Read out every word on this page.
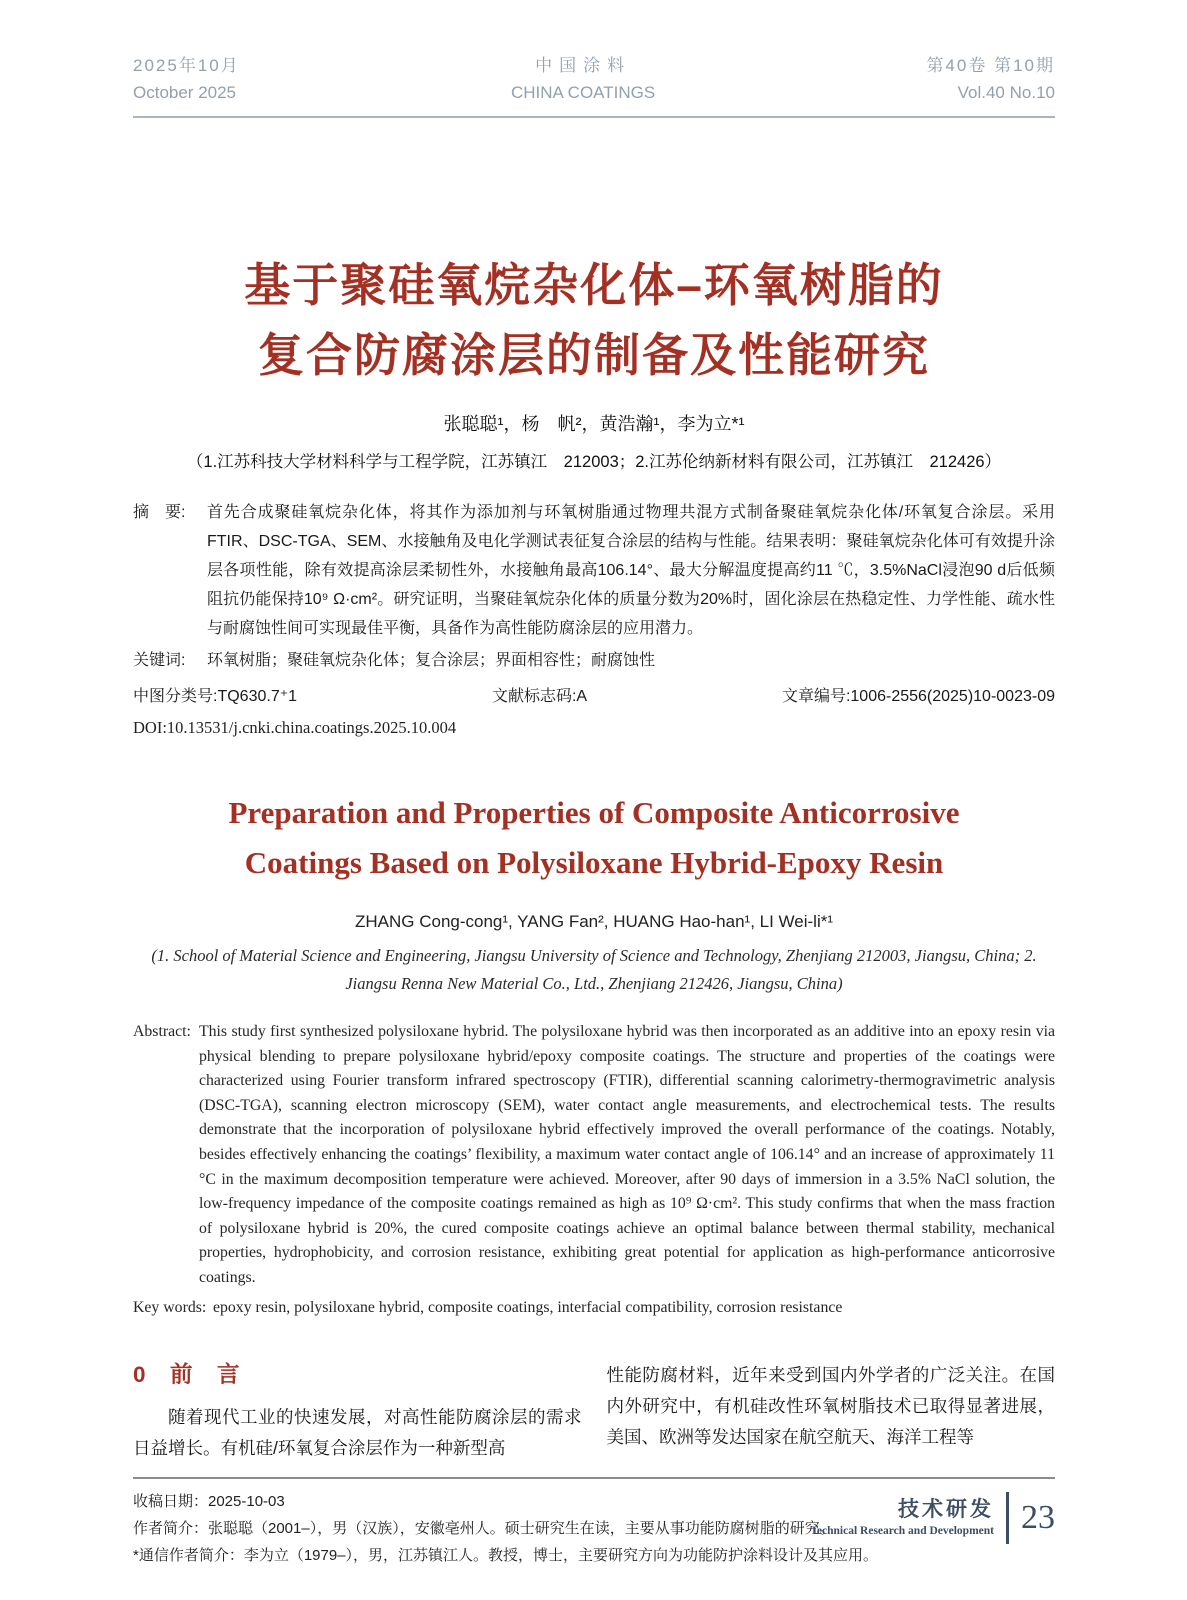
2025年10月
October 2025
中国涂料
CHINA COATINGS
第40卷 第10期
Vol.40 No.10
基于聚硅氧烷杂化体–环氧树脂的
复合防腐涂层的制备及性能研究
张聪聪¹，杨　帆²，黄浩瀚¹，李为立*¹
（1.江苏科技大学材料科学与工程学院，江苏镇江　212003；2.江苏伦纳新材料有限公司，江苏镇江　212426）
摘　要: 首先合成聚硅氧烷杂化体，将其作为添加剂与环氧树脂通过物理共混方式制备聚硅氧烷杂化体/环氧复合涂层。采用FTIR、DSC-TGA、SEM、水接触角及电化学测试表征复合涂层的结构与性能。结果表明：聚硅氧烷杂化体可有效提升涂层各项性能，除有效提高涂层柔韧性外，水接触角最高106.14°、最大分解温度提高约11 ℃，3.5%NaCl浸泡90 d后低频阻抗仍能保持10⁹ Ω·cm²。研究证明，当聚硅氧烷杂化体的质量分数为20%时，固化涂层在热稳定性、力学性能、疏水性与耐腐蚀性间可实现最佳平衡，具备作为高性能防腐涂层的应用潜力。
关键词: 环氧树脂；聚硅氧烷杂化体；复合涂层；界面相容性；耐腐蚀性
中图分类号:TQ630.7⁺1	文献标志码:A	文章编号:1006-2556(2025)10-0023-09
DOI:10.13531/j.cnki.china.coatings.2025.10.004
Preparation and Properties of Composite Anticorrosive
Coatings Based on Polysiloxane Hybrid-Epoxy Resin
ZHANG Cong-cong¹, YANG Fan², HUANG Hao-han¹, LI Wei-li*¹
(1. School of Material Science and Engineering, Jiangsu University of Science and Technology, Zhenjiang 212003, Jiangsu, China; 2. Jiangsu Renna New Material Co., Ltd., Zhenjiang 212426, Jiangsu, China)
Abstract: This study first synthesized polysiloxane hybrid. The polysiloxane hybrid was then incorporated as an additive into an epoxy resin via physical blending to prepare polysiloxane hybrid/epoxy composite coatings. The structure and properties of the coatings were characterized using Fourier transform infrared spectroscopy (FTIR), differential scanning calorimetry-thermogravimetric analysis (DSC-TGA), scanning electron microscopy (SEM), water contact angle measurements, and electrochemical tests. The results demonstrate that the incorporation of polysiloxane hybrid effectively improved the overall performance of the coatings. Notably, besides effectively enhancing the coatings’ flexibility, a maximum water contact angle of 106.14° and an increase of approximately 11 °C in the maximum decomposition temperature were achieved. Moreover, after 90 days of immersion in a 3.5% NaCl solution, the low-frequency impedance of the composite coatings remained as high as 10⁹ Ω·cm². This study confirms that when the mass fraction of polysiloxane hybrid is 20%, the cured composite coatings achieve an optimal balance between thermal stability, mechanical properties, hydrophobicity, and corrosion resistance, exhibiting great potential for application as high-performance anticorrosive coatings.
Key words: epoxy resin, polysiloxane hybrid, composite coatings, interfacial compatibility, corrosion resistance
0　前　言

随着现代工业的快速发展，对高性能防腐涂层的需求日益增长。有机硅/环氧复合涂层作为一种新型高

性能防腐材料，近年来受到国内外学者的广泛关注。在国内外研究中，有机硅改性环氧树脂技术已取得显著进展，美国、欧洲等发达国家在航空航天、海洋工程等
收稿日期：2025-10-03
作者简介：张聪聪（2001–），男（汉族），安徽亳州人。硕士研究生在读，主要从事功能防腐树脂的研究。
*通信作者简介：李为立（1979–），男，江苏镇江人。教授，博士，主要研究方向为功能防护涂料设计及其应用。
技术研发
Technical Research and Development 23
